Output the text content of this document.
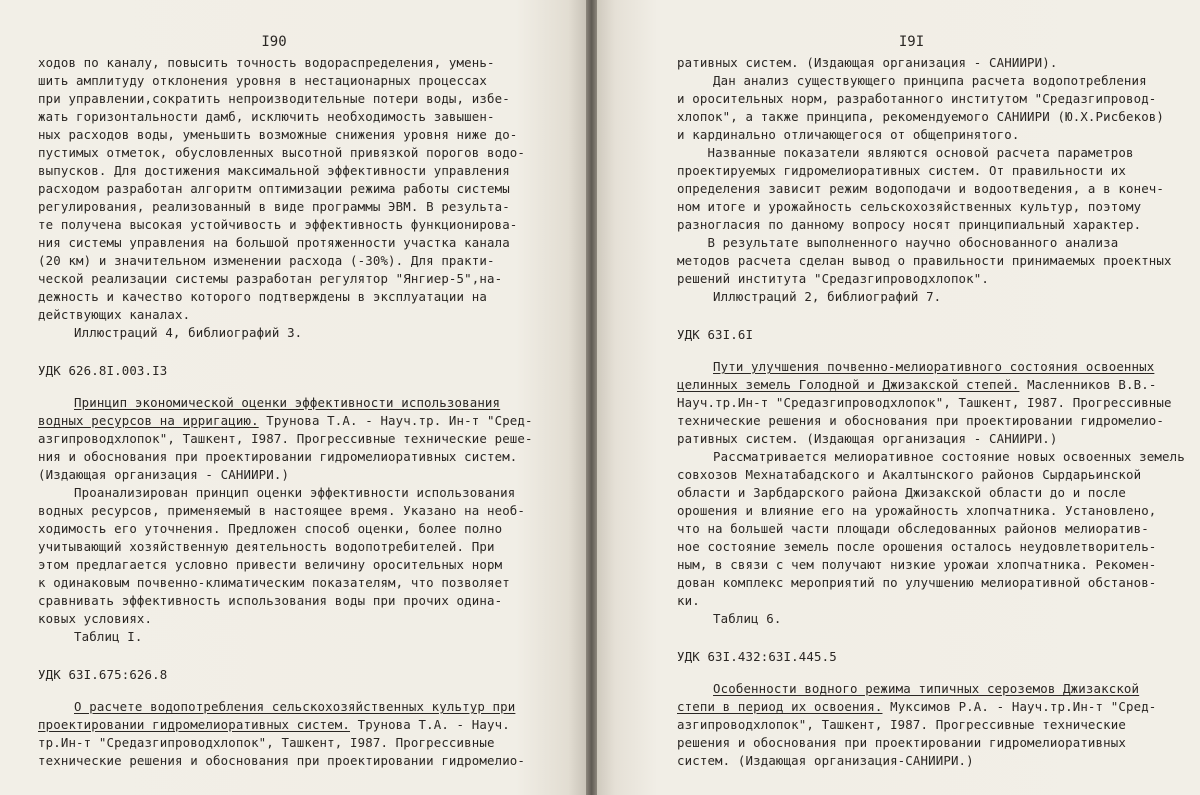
I90

ходов по каналу, повысить точность водораспределения, умень-
шить амплитуду отклонения уровня в нестационарных процессах
при управлении,сократить непроизводительные потери воды, избе-
жать горизонтальности дамб, исключить необходимость завышен-
ных расходов воды, уменьшить возможные снижения уровня ниже до-
пустимых отметок, обусловленных высотной привязкой порогов водо-
выпусков. Для достижения максимальной эффективности управления
расходом разработан алгоритм оптимизации режима работы системы
регулирования, реализованный в виде программы ЭВМ. В результа-
те получена высокая устойчивость и эффективность функционирова-
ния системы управления на большой протяженности участка канала
(20 км) и значительном изменении расхода (-30%). Для практи-
ческой реализации системы разработан регулятор "Янгиер-5",на-
дежность и качество которого подтверждены в эксплуатации на
действующих каналах.

Иллюстраций 4, библиографий 3.

УДК 626.8I.003.I3

Принцип экономической оценки эффективности использования
водных ресурсов на ирригацию. Трунова Т.А. - Науч.тр. Ин-т "Сред-
азгипроводхлопок", Ташкент, I987. Прогрессивные технические реше-
ния и обоснования при проектировании гидромелиоративных систем.
(Издающая организация - САНИИРИ.)

Проанализирован принцип оценки эффективности использования
водных ресурсов, применяемый в настоящее время. Указано на необ-
ходимость его уточнения. Предложен способ оценки, более полно
учитывающий хозяйственную деятельность водопотребителей. При
этом предлагается условно привести величину оросительных норм
к одинаковым почвенно-климатическим показателям, что позволяет
сравнивать эффективность использования воды при прочих одина-
ковых условиях.

Таблиц I.

УДК 63I.675:626.8

О расчете водопотребления сельскохозяйственных культур при
проектировании гидромелиоративных систем. Трунова Т.А. - Науч.
тр.Ин-т "Средазгипроводхлопок", Ташкент, I987. Прогрессивные
технические решения и обоснования при проектировании гидромелио-

I9I

ративных систем. (Издающая организация - САНИИРИ).

Дан анализ существующего принципа расчета водопотребления
и оросительных норм, разработанного институтом "Средазгипровод-
хлопок", а также принципа, рекомендуемого САНИИРИ (Ю.Х.Рисбеков)
и кардинально отличающегося от общепринятого.
Названные показатели являются основой расчета параметров
проектируемых гидромелиоративных систем. От правильности их
определения зависит режим водоподачи и водоотведения, а в конеч-
ном итоге и урожайность сельскохозяйственных культур, поэтому
разногласия по данному вопросу носят принципиальный характер.
В результате выполненного научно обоснованного анализа
методов расчета сделан вывод о правильности принимаемых проектных
решений института "Средазгипроводхлопок".

Иллюстраций 2, библиографий 7.

УДК 63I.6I

Пути улучшения почвенно-мелиоративного состояния освоенных
целинных земель Голодной и Джизакской степей. Масленников В.В.-
Науч.тр.Ин-т "Средазгипроводхлопок", Ташкент, I987. Прогрессивные
технические решения и обоснования при проектировании гидромелио-
ративных систем. (Издающая организация - САНИИРИ.)

Рассматривается мелиоративное состояние новых освоенных земель
совхозов Мехнатабадского и Акалтынского районов Сырдарьинской
области и Зарбдарского района Джизакской области до и после
орошения и влияние его на урожайность хлопчатника. Установлено,
что на большей части площади обследованных районов мелиоратив-
ное состояние земель после орошения осталось неудовлетворитель-
ным, в связи с чем получают низкие урожаи хлопчатника. Рекомен-
дован комплекс мероприятий по улучшению мелиоративной обстанов-
ки.

Таблиц 6.

УДК 63I.432:63I.445.5

Особенности водного режима типичных сероземов Джизакской
степи в период их освоения. Муксимов Р.А. - Науч.тр.Ин-т "Сред-
азгипроводхлопок", Ташкент, I987. Прогрессивные технические
решения и обоснования при проектировании гидромелиоративных
систем. (Издающая организация-САНИИРИ.)
